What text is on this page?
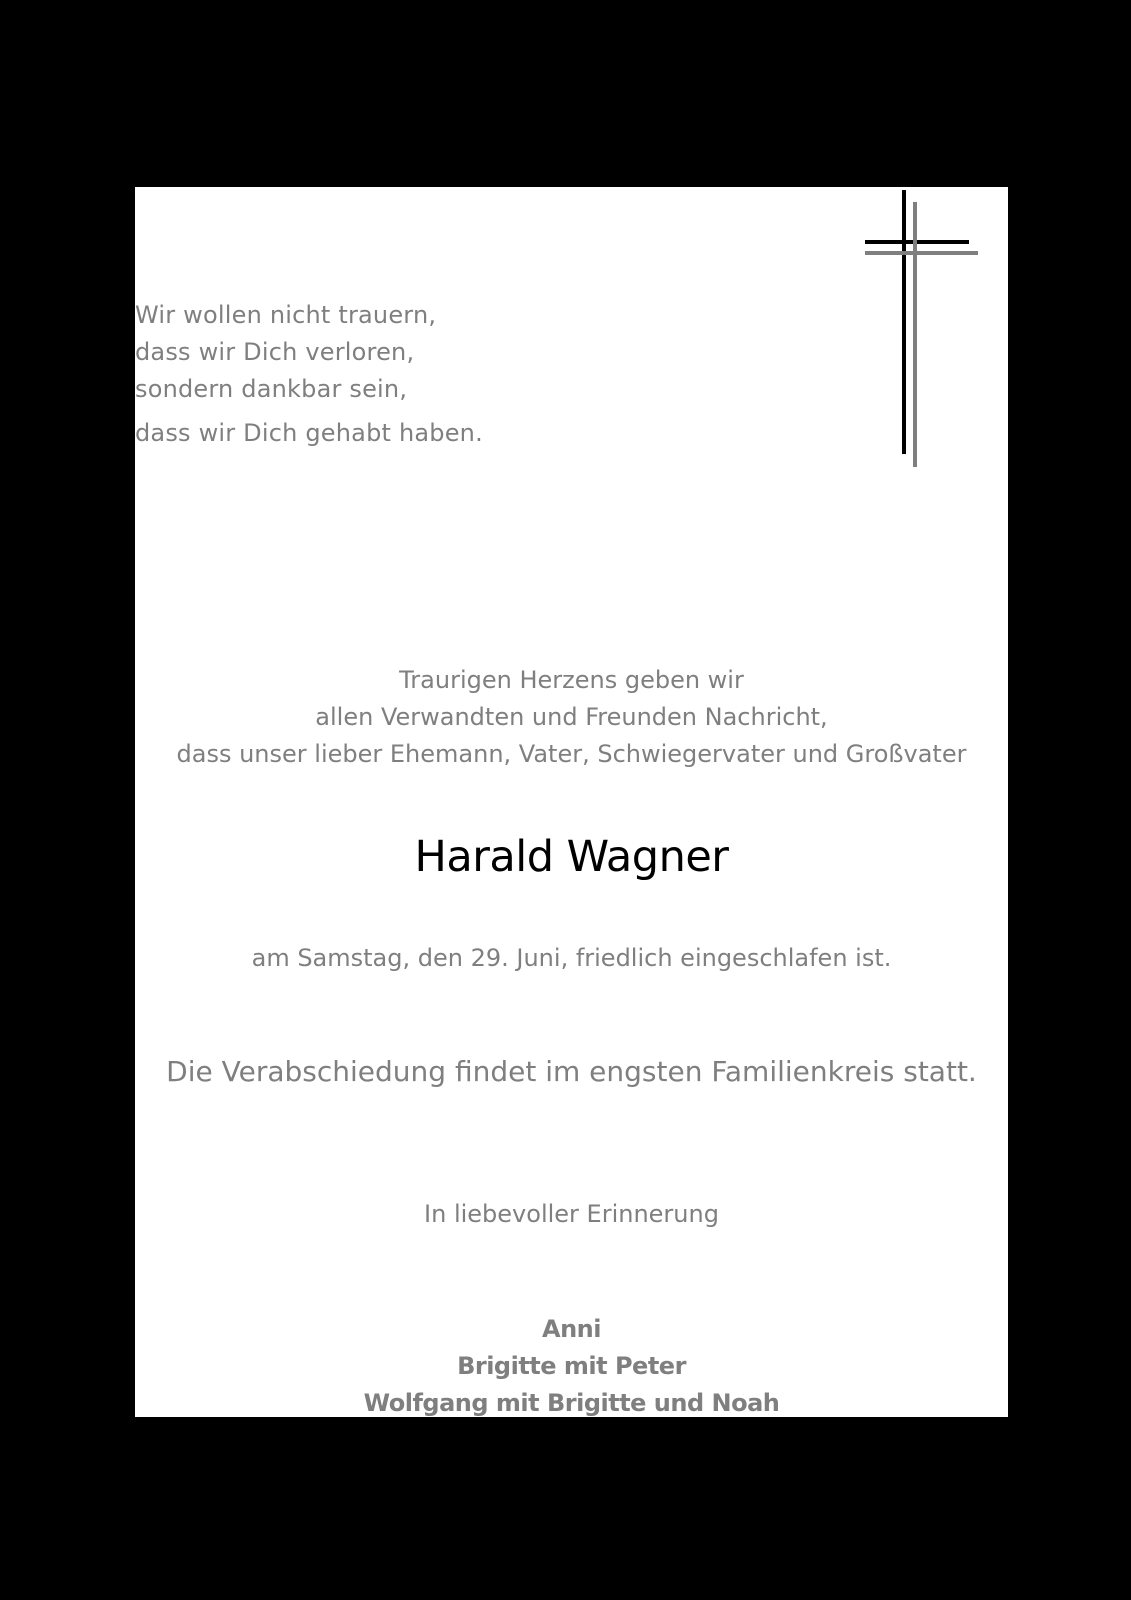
Wir wollen nicht trauern,
dass wir Dich verloren,
sondern dankbar sein,
dass wir Dich gehabt haben.
Traurigen Herzens geben wir
allen Verwandten und Freunden Nachricht,
dass unser lieber Ehemann, Vater, Schwiegervater und Großvater
Harald Wagner
am Samstag, den 29. Juni, friedlich eingeschlafen ist.
Die Verabschiedung findet im engsten Familienkreis statt.
In liebevoller Erinnerung
Anni
Brigitte mit Peter
Wolfgang mit Brigitte und Noah
